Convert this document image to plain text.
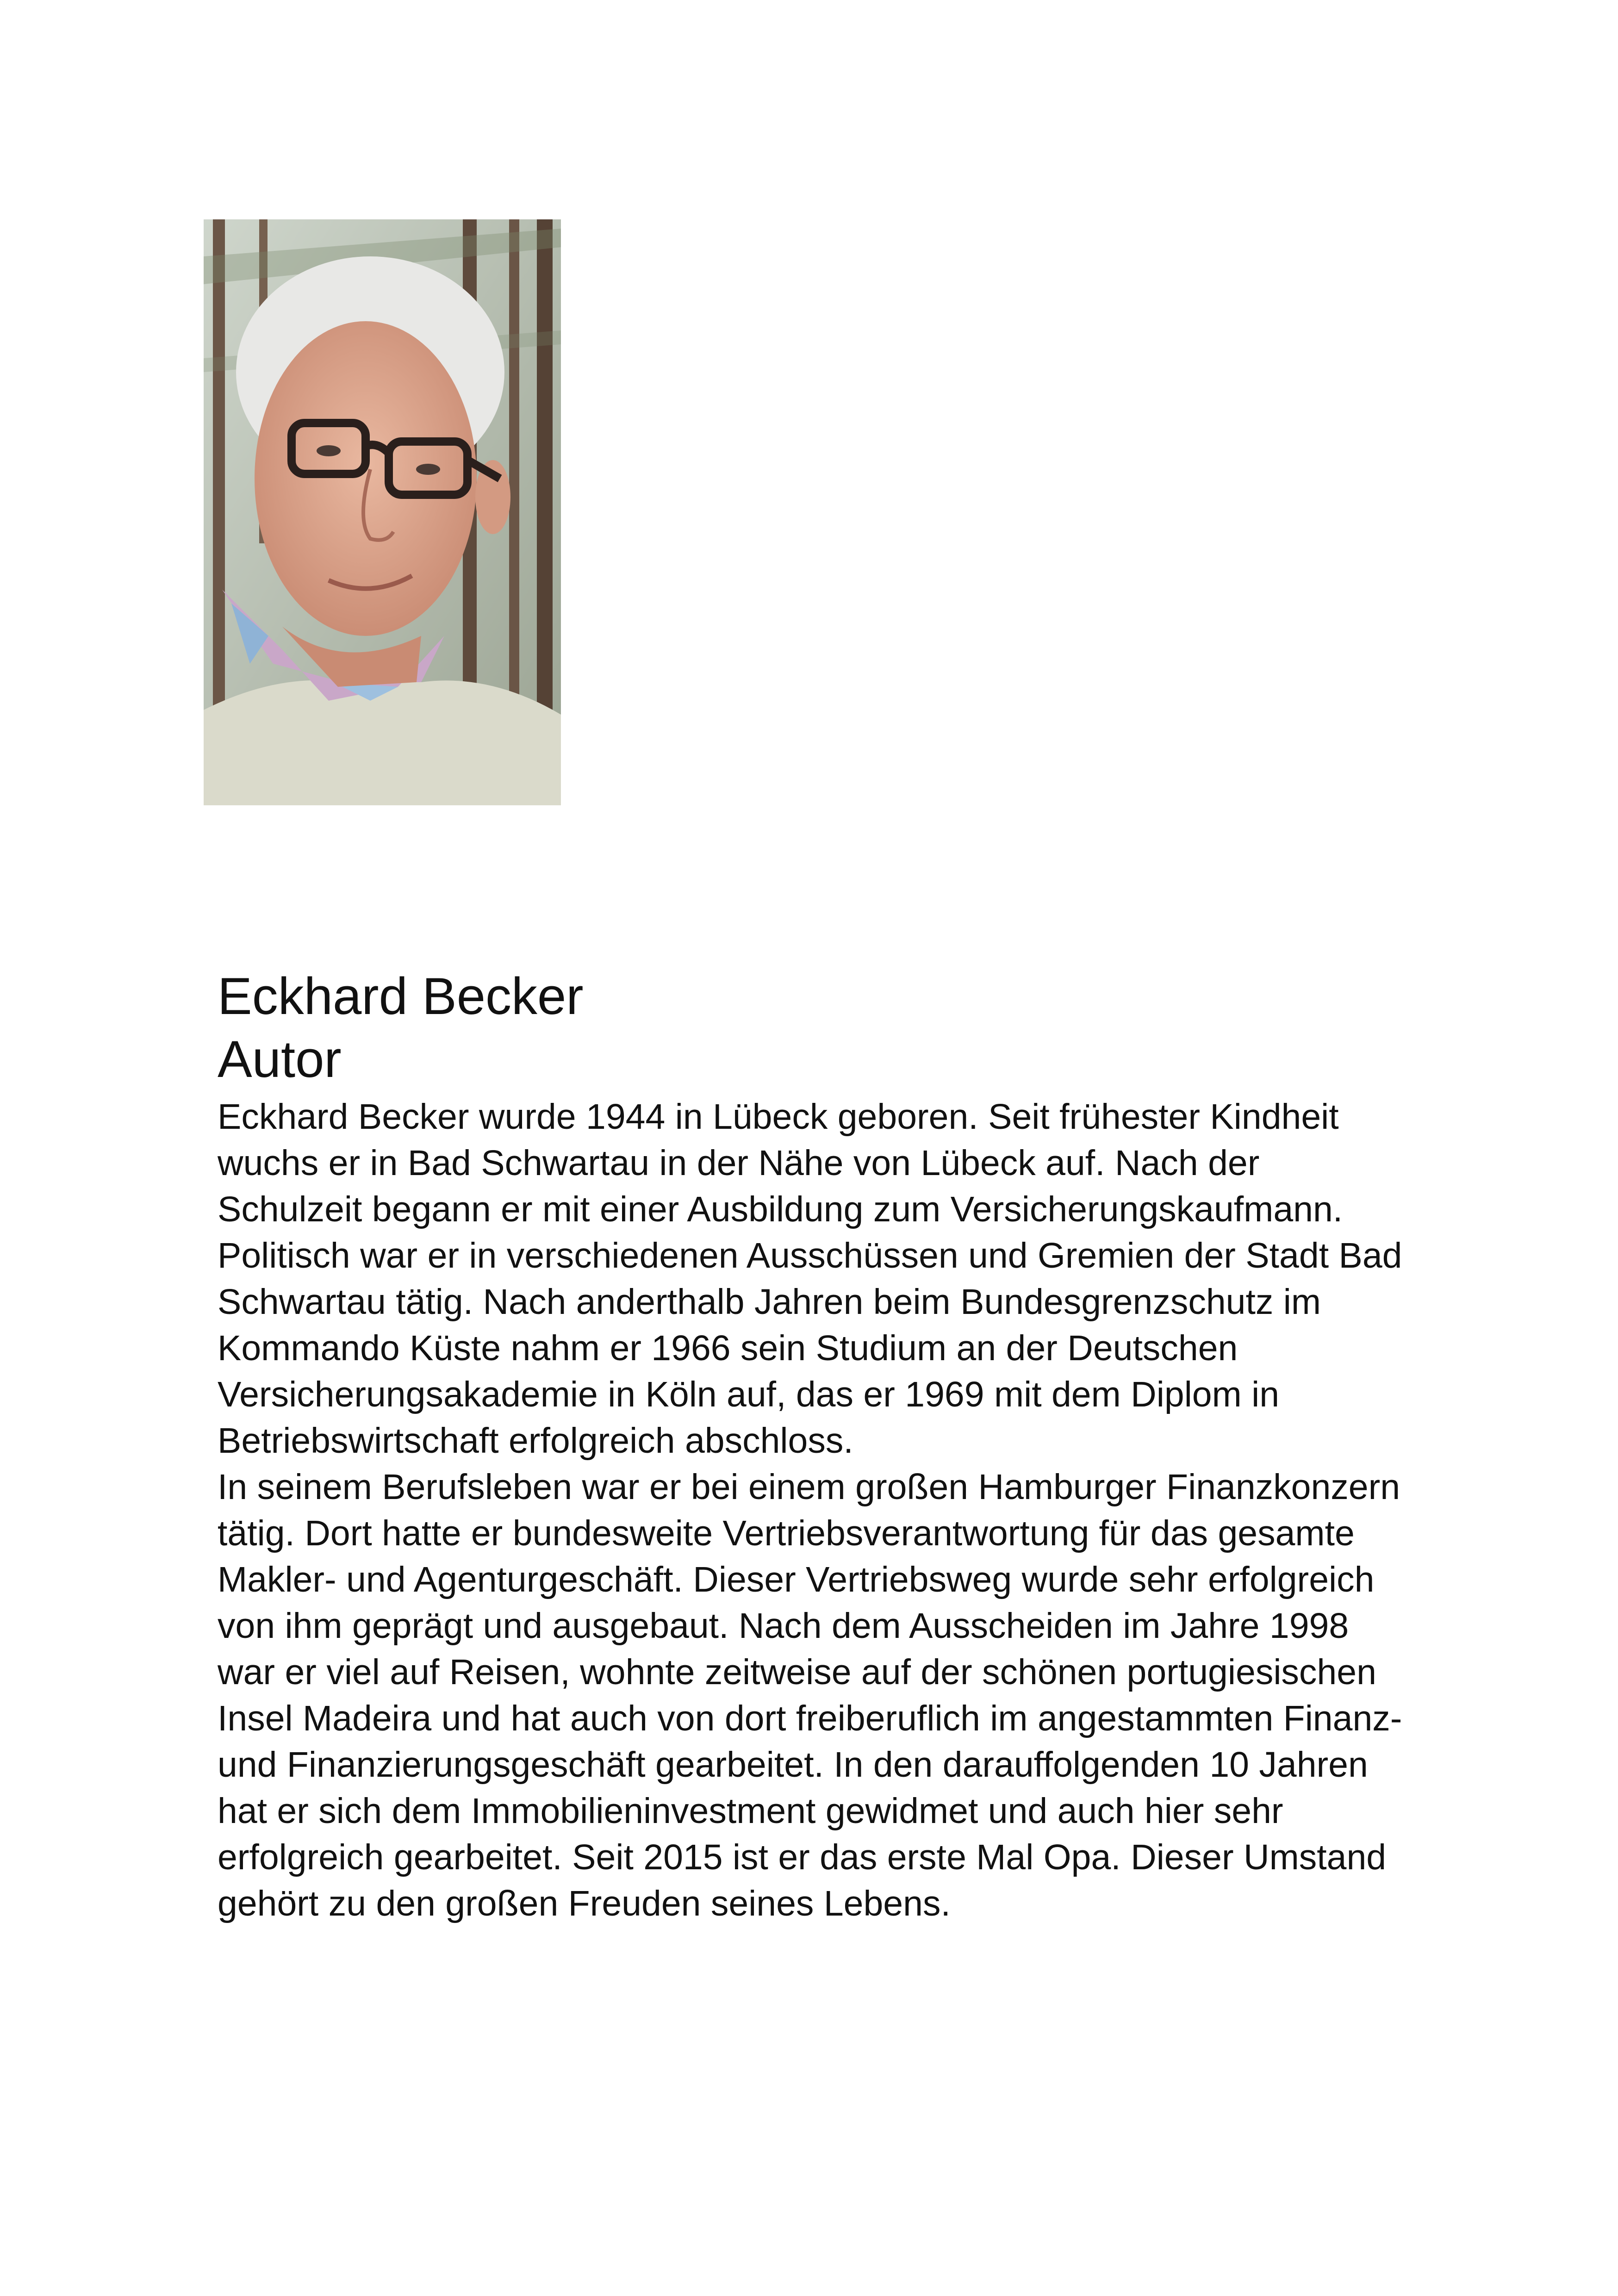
Eckhard Becker
Autor

Eckhard Becker wurde 1944 in Lübeck geboren. Seit frühester Kindheit

wuchs er in Bad Schwartau in der Nähe von Lübeck auf. Nach der

Schulzeit begann er mit einer Ausbildung zum Versicherungskaufmann.

Politisch war er in verschiedenen Ausschüssen und Gremien der Stadt Bad

Schwartau tätig. Nach anderthalb Jahren beim Bundesgrenzschutz im

Kommando Küste nahm er 1966 sein Studium an der Deutschen

Versicherungsakademie in Köln auf, das er 1969 mit dem Diplom in

Betriebswirtschaft erfolgreich abschloss.

In seinem Berufsleben war er bei einem großen Hamburger Finanzkonzern

tätig. Dort hatte er bundesweite Vertriebsverantwortung für das gesamte

Makler- und Agenturgeschäft. Dieser Vertriebsweg wurde sehr erfolgreich

von ihm geprägt und ausgebaut. Nach dem Ausscheiden im Jahre 1998

war er viel auf Reisen, wohnte zeitweise auf der schönen portugiesischen

Insel Madeira und hat auch von dort freiberuflich im angestammten Finanz-

und Finanzierungsgeschäft gearbeitet. In den darauffolgenden 10 Jahren

hat er sich dem Immobilieninvestment gewidmet und auch hier sehr

erfolgreich gearbeitet. Seit 2015 ist er das erste Mal Opa. Dieser Umstand

gehört zu den großen Freuden seines Lebens.
